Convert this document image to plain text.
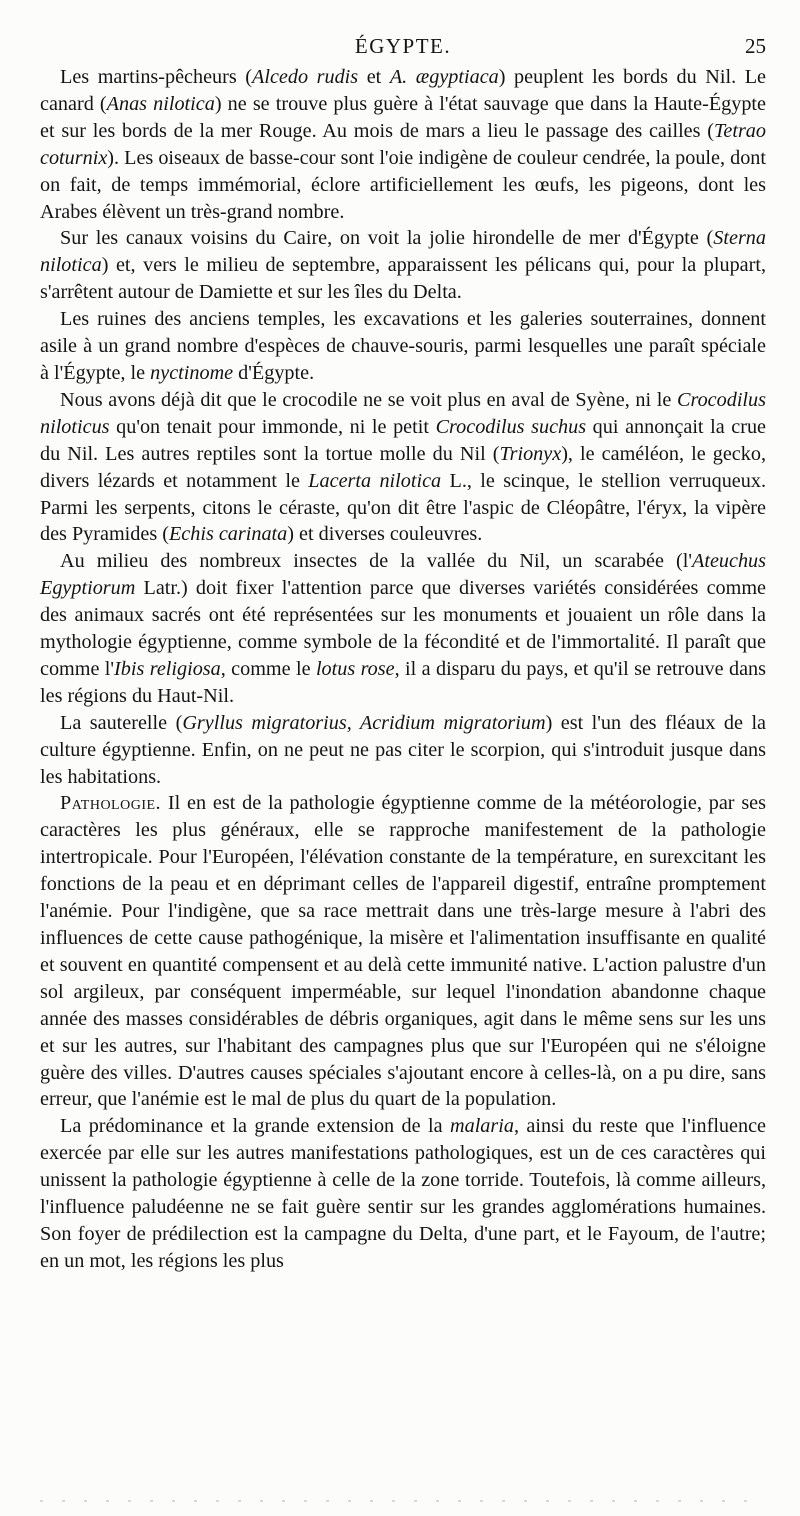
ÉGYPTE.	25

Les martins-pêcheurs (Alcedo rudis et A. ægyptiaca) peuplent les bords du Nil. Le canard (Anas nilotica) ne se trouve plus guère à l'état sauvage que dans la Haute-Égypte et sur les bords de la mer Rouge. Au mois de mars a lieu le passage des cailles (Tetrao coturnix). Les oiseaux de basse-cour sont l'oie indigène de couleur cendrée, la poule, dont on fait, de temps immémorial, éclore artificiellement les œufs, les pigeons, dont les Arabes élèvent un très-grand nombre.

Sur les canaux voisins du Caire, on voit la jolie hirondelle de mer d'Égypte (Sterna nilotica) et, vers le milieu de septembre, apparaissent les pélicans qui, pour la plupart, s'arrêtent autour de Damiette et sur les îles du Delta.

Les ruines des anciens temples, les excavations et les galeries souterraines, donnent asile à un grand nombre d'espèces de chauve-souris, parmi lesquelles une paraît spéciale à l'Égypte, le nyctinome d'Égypte.

Nous avons déjà dit que le crocodile ne se voit plus en aval de Syène, ni le Crocodilus niloticus qu'on tenait pour immonde, ni le petit Crocodilus suchus qui annonçait la crue du Nil. Les autres reptiles sont la tortue molle du Nil (Trionyx), le caméléon, le gecko, divers lézards et notamment le Lacerta nilotica L., le scinque, le stellion verruqueux. Parmi les serpents, citons le céraste, qu'on dit être l'aspic de Cléopâtre, l'éryx, la vipère des Pyramides (Echis carinata) et diverses couleuvres.

Au milieu des nombreux insectes de la vallée du Nil, un scarabée (l'Ateuchus Egyptiorum Latr.) doit fixer l'attention parce que diverses variétés considérées comme des animaux sacrés ont été représentées sur les monuments et jouaient un rôle dans la mythologie égyptienne, comme symbole de la fécondité et de l'immortalité. Il paraît que comme l'Ibis religiosa, comme le lotus rose, il a disparu du pays, et qu'il se retrouve dans les régions du Haut-Nil.

La sauterelle (Gryllus migratorius, Acridium migratorium) est l'un des fléaux de la culture égyptienne. Enfin, on ne peut ne pas citer le scorpion, qui s'introduit jusque dans les habitations.

Pathologie. Il en est de la pathologie égyptienne comme de la météorologie, par ses caractères les plus généraux, elle se rapproche manifestement de la pathologie intertropicale. Pour l'Européen, l'élévation constante de la température, en surexcitant les fonctions de la peau et en déprimant celles de l'appareil digestif, entraîne promptement l'anémie. Pour l'indigène, que sa race mettrait dans une très-large mesure à l'abri des influences de cette cause pathogénique, la misère et l'alimentation insuffisante en qualité et souvent en quantité compensent et au delà cette immunité native. L'action palustre d'un sol argileux, par conséquent imperméable, sur lequel l'inondation abandonne chaque année des masses considérables de débris organiques, agit dans le même sens sur les uns et sur les autres, sur l'habitant des campagnes plus que sur l'Européen qui ne s'éloigne guère des villes. D'autres causes spéciales s'ajoutant encore à celles-là, on a pu dire, sans erreur, que l'anémie est le mal de plus du quart de la population.

La prédominance et la grande extension de la malaria, ainsi du reste que l'influence exercée par elle sur les autres manifestations pathologiques, est un de ces caractères qui unissent la pathologie égyptienne à celle de la zone torride. Toutefois, là comme ailleurs, l'influence paludéenne ne se fait guère sentir sur les grandes agglomérations humaines. Son foyer de prédilection est la campagne du Delta, d'une part, et le Fayoum, de l'autre; en un mot, les régions les plus
